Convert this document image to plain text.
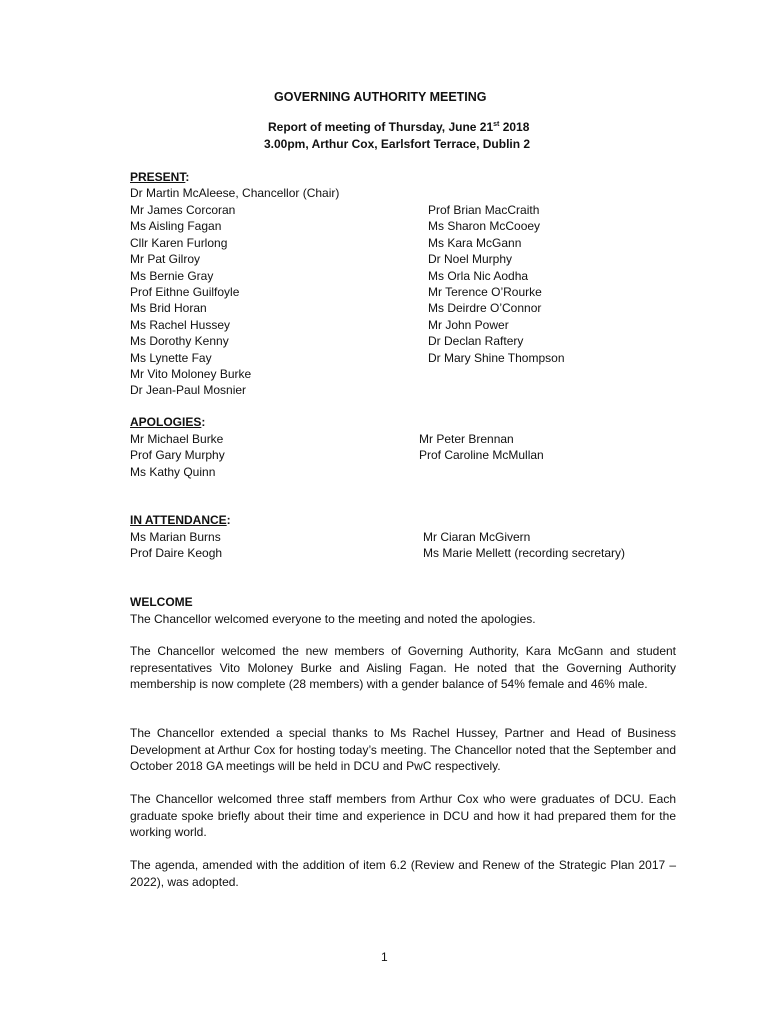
GOVERNING AUTHORITY MEETING
Report of meeting of Thursday, June 21st 2018
3.00pm, Arthur Cox, Earlsfort Terrace, Dublin 2
PRESENT:
Dr Martin McAleese, Chancellor (Chair)
Mr James Corcoran
Ms Aisling Fagan
Cllr Karen Furlong
Mr Pat Gilroy
Ms Bernie Gray
Prof Eithne Guilfoyle
Ms Brid Horan
Ms Rachel Hussey
Ms Dorothy Kenny
Ms Lynette Fay
Mr Vito Moloney Burke
Dr Jean-Paul Mosnier
Prof Brian MacCraith
Ms Sharon McCooey
Ms Kara McGann
Dr Noel Murphy
Ms Orla Nic Aodha
Mr Terence O’Rourke
Ms Deirdre O’Connor
Mr John Power
Dr Declan Raftery
Dr Mary Shine Thompson
APOLOGIES:
Mr Michael Burke
Prof Gary Murphy
Ms Kathy Quinn
Mr Peter Brennan
Prof Caroline McMullan
IN ATTENDANCE:
Ms Marian Burns
Prof Daire Keogh
Mr Ciaran McGivern
Ms Marie Mellett (recording secretary)
WELCOME
The Chancellor welcomed everyone to the meeting and noted the apologies.
The Chancellor welcomed the new members of Governing Authority, Kara McGann and student representatives Vito Moloney Burke and Aisling Fagan. He noted that the Governing Authority membership is now complete (28 members) with a gender balance of 54% female and 46% male.
The Chancellor extended a special thanks to Ms Rachel Hussey, Partner and Head of Business Development at Arthur Cox for hosting today’s meeting. The Chancellor noted that the September and October 2018 GA meetings will be held in DCU and PwC respectively.
The Chancellor welcomed three staff members from Arthur Cox who were graduates of DCU. Each graduate spoke briefly about their time and experience in DCU and how it had prepared them for the working world.
The agenda, amended with the addition of item 6.2 (Review and Renew of the Strategic Plan 2017 – 2022), was adopted.
1
